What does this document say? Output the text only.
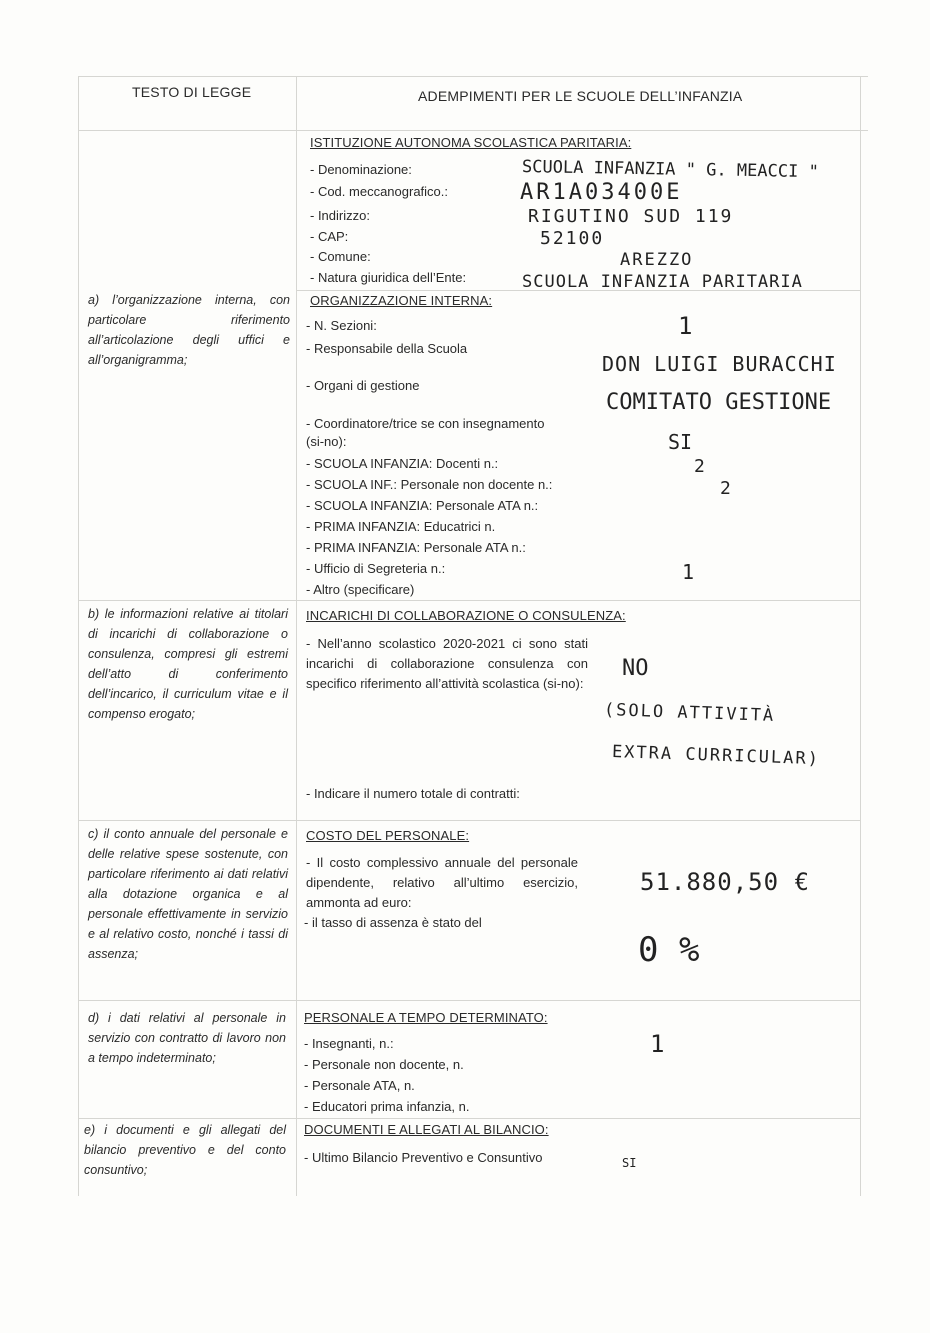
TESTO DI LEGGE	ADEMPIMENTI PER LE SCUOLE DELL’INFANZIA
ISTITUZIONE AUTONOMA SCOLASTICA PARITARIA:
- Denominazione:
- Cod. meccanografico.:
- Indirizzo:
- CAP:
- Comune:
- Natura giuridica dell’Ente:
SCUOLA INFANZIA " G. MEACCI "
AR1A03400E
RIGUTINO SUD 119
52100
AREZZO
SCUOLA INFANZIA PARITARIA
a) l’organizzazione interna, con particolare riferimento all’articolazione degli uffici e all’organigramma;
ORGANIZZAZIONE INTERNA:
- N. Sezioni:
- Responsabile della Scuola
- Organi di gestione
- Coordinatore/trice se con insegnamento
(si-no):
- SCUOLA INFANZIA: Docenti n.:
- SCUOLA INF.: Personale non docente n.:
- SCUOLA INFANZIA: Personale ATA n.:
- PRIMA INFANZIA: Educatrici n.
- PRIMA INFANZIA: Personale ATA n.:
- Ufficio di Segreteria n.:
- Altro (specificare)
1
DON LUIGI BURACCHI
COMITATO GESTIONE
SI
2
2
1
b) le informazioni relative ai titolari di incarichi di collaborazione o consulenza, compresi gli estremi dell’atto di conferimento dell’incarico, il curriculum vitae e il compenso erogato;
INCARICHI DI COLLABORAZIONE O CONSULENZA:
- Nell’anno scolastico 2020-2021 ci sono stati incarichi di collaborazione consulenza con specifico riferimento all’attività scolastica (si-no):
- Indicare il numero totale di contratti:
NO
(SOLO ATTIVITÀ
EXTRA CURRICULAR)
c) il conto annuale del personale e delle relative spese sostenute, con particolare riferimento ai dati relativi alla dotazione organica e al personale effettivamente in servizio e al relativo costo, nonché i tassi di assenza;
COSTO DEL PERSONALE:
- Il costo complessivo annuale del personale dipendente, relativo all’ultimo esercizio, ammonta ad euro:
- il tasso di assenza è stato del
51.880,50 €
0 %
d) i dati relativi al personale in servizio con contratto di lavoro non a tempo indeterminato;
PERSONALE A TEMPO DETERMINATO:
- Insegnanti, n.:
- Personale non docente, n.
- Personale ATA, n.
- Educatori prima infanzia, n.
1
e) i documenti e gli allegati del bilancio preventivo e del conto consuntivo;
DOCUMENTI E ALLEGATI AL BILANCIO:
- Ultimo Bilancio Preventivo e Consuntivo	SI
